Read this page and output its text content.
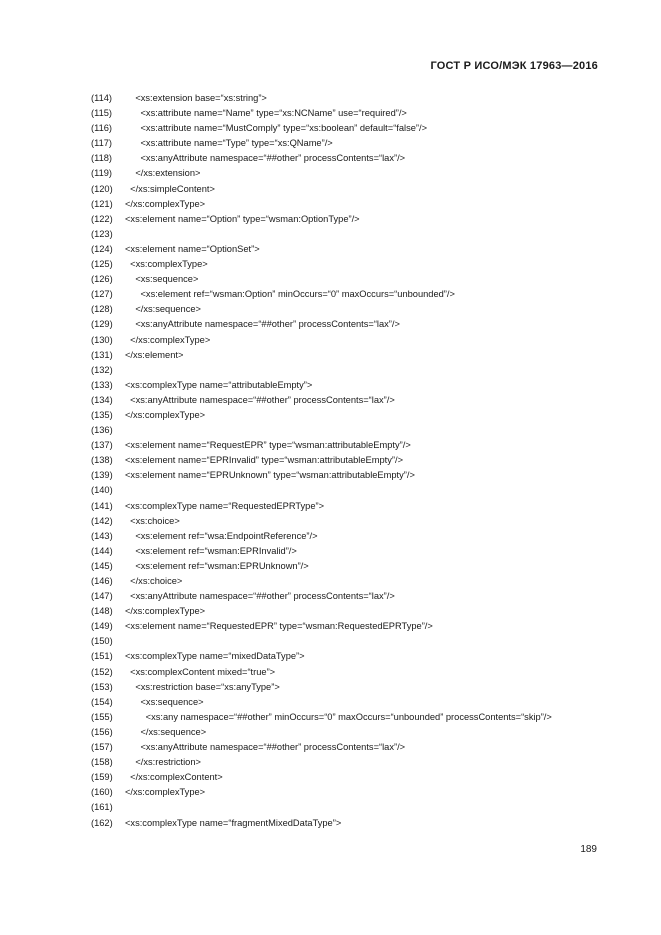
ГОСТ Р ИСО/МЭК 17963—2016
(114) <xs:extension base=“xs:string”>
(115) <xs:attribute name=“Name” type=“xs:NCName” use=“required”/>
(116) <xs:attribute name=“MustComply” type=“xs:boolean” default=“false”/>
(117) <xs:attribute name=“Type” type=“xs:QName”/>
(118) <xs:anyAttribute namespace=“##other” processContents=“lax”/>
(119) </xs:extension>
(120) </xs:simpleContent>
(121) </xs:complexType>
(122) <xs:element name=“Option” type=“wsman:OptionType”/>
(123)
(124) <xs:element name=“OptionSet”>
(125) <xs:complexType>
(126) <xs:sequence>
(127) <xs:element ref=“wsman:Option” minOccurs=“0” maxOccurs=“unbounded”/>
(128) </xs:sequence>
(129) <xs:anyAttribute namespace=“##other” processContents=“lax”/>
(130) </xs:complexType>
(131) </xs:element>
(132)
(133) <xs:complexType name=“attributableEmpty”>
(134) <xs:anyAttribute namespace=“##other” processContents=“lax”/>
(135) </xs:complexType>
(136)
(137) <xs:element name=“RequestEPR” type=“wsman:attributableEmpty”/>
(138) <xs:element name=“EPRInvalid” type=“wsman:attributableEmpty”/>
(139) <xs:element name=“EPRUnknown” type=“wsman:attributableEmpty”/>
(140)
(141) <xs:complexType name=“RequestedEPRType”>
(142) <xs:choice>
(143) <xs:element ref=“wsa:EndpointReference”/>
(144) <xs:element ref=“wsman:EPRInvalid”/>
(145) <xs:element ref=“wsman:EPRUnknown”/>
(146) </xs:choice>
(147) <xs:anyAttribute namespace=“##other” processContents=“lax”/>
(148) </xs:complexType>
(149) <xs:element name=“RequestedEPR” type=“wsman:RequestedEPRType”/>
(150)
(151) <xs:complexType name=“mixedDataType”>
(152) <xs:complexContent mixed=“true”>
(153) <xs:restriction base=“xs:anyType”>
(154) <xs:sequence>
(155) <xs:any namespace=“##other” minOccurs=“0” maxOccurs=“unbounded” processContents=“skip”/>
(156) </xs:sequence>
(157) <xs:anyAttribute namespace=“##other” processContents=“lax”/>
(158) </xs:restriction>
(159) </xs:complexContent>
(160) </xs:complexType>
(161)
(162) <xs:complexType name=“fragmentMixedDataType”>
189
